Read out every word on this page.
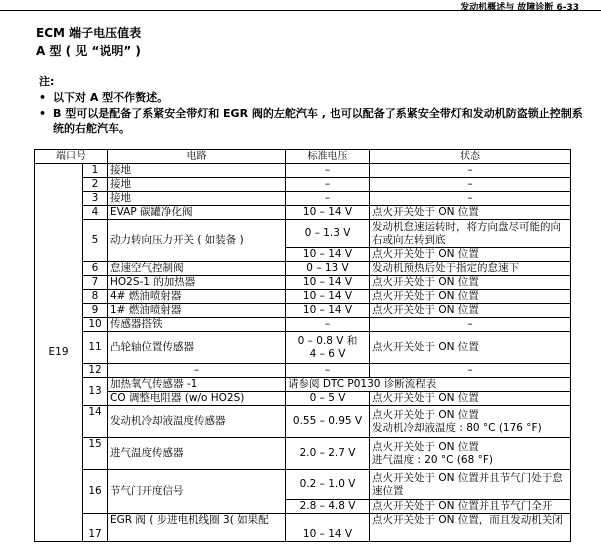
发动机概述与 故障诊断 6-33
ECM 端子电压值表
A 型 ( 见 “说明” )
注:
• 以下对 A 型不作赘述。
• B 型可以是配备了系紧安全带灯和 EGR 阀的左舵汽车 , 也可以配备了系紧安全带灯和发动机防盗锁止控制系统的右舵汽车。
端口号		电路	标准电压	状态
E19	1	接地	–	–
	2	接地	–	–
	3	接地	–	–
	4	EVAP 碳罐净化阀	10 – 14 V	点火开关处于 ON 位置
	5	动力转向压力开关 ( 如装备 )	0 – 1.3 V	发动机怠速运转时，将方向盘尽可能的向右或向左转到底
			10 – 14 V	点火开关处于 ON 位置
	6	怠速空气控制阀	0 – 13 V	发动机预热后处于指定的怠速下
	7	HO2S-1 的加热器	10 – 14 V	点火开关处于 ON 位置
	8	4# 燃油喷射器	10 – 14 V	点火开关处于 ON 位置
	9	1# 燃油喷射器	10 – 14 V	点火开关处于 ON 位置
	10	传感器搭铁	–	–
	11	凸轮轴位置传感器	0 – 0.8 V 和
4 – 6 V	点火开关处于 ON 位置
	12	–	–	–
	13	加热氧气传感器 -1	请参阅 DTC P0130 诊断流程表	
		CO 调整电阻器 (w/o HO2S)	0 – 5 V	点火开关处于 ON 位置
	14	发动机冷却液温度传感器	0.55 – 0.95 V	点火开关处于 ON 位置
发动机冷却液温度 : 80 °C (176 °F)

	15	进气温度传感器	2.0 – 2.7 V	点火开关处于 ON 位置
进气温度 : 20 °C (68 °F)

	16	节气门开度信号	0.2 – 1.0 V	点火开关处于 ON 位置并且节气门处于怠速位置
			2.8 – 4.8 V	点火开关处于 ON 位置并且节气门全开
	17	EGR 阀 ( 步进电机线圈 3( 如果配	10 – 14 V	点火开关处于 ON 位置，而且发动机关闭
